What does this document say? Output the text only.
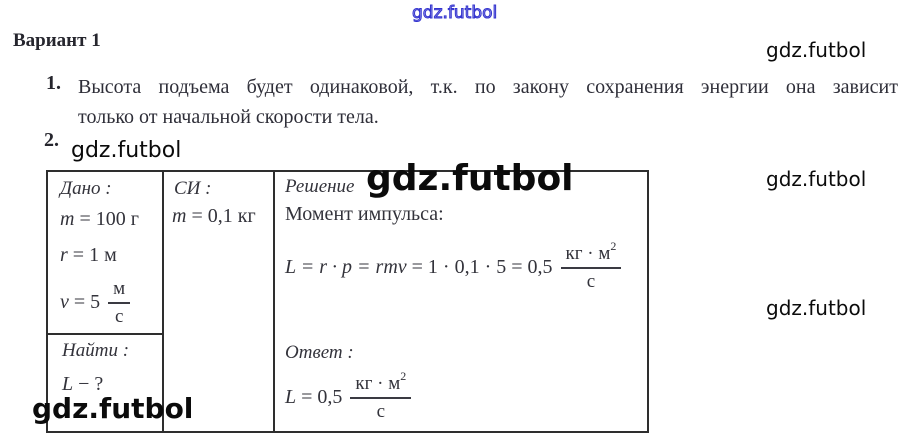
gdz.futbol
Вариант 1	gdz.futbol
gdz.futbol
gdz.futbol
1. Высота подъема будет одинаковой, т.к. по закону сохранения энергии она зависит
только от начальной скорости тела.
2. gdz.futbol
Дано :
m = 100 г
r = 1 м
$v = 5 \frac{м}{с}$
Найти :
L − ?
СИ :
m = 0,1 кг
Решение
Момент импульса:
L = r · p = rmv = $1 \cdot 0,1 \cdot 5 = 0,5 \frac{кг \cdot м^2}{с}$
Ответ :
$L = 0,5 \frac{кг \cdot м^2}{с}$
gdz.futbol
gdz.futbol
